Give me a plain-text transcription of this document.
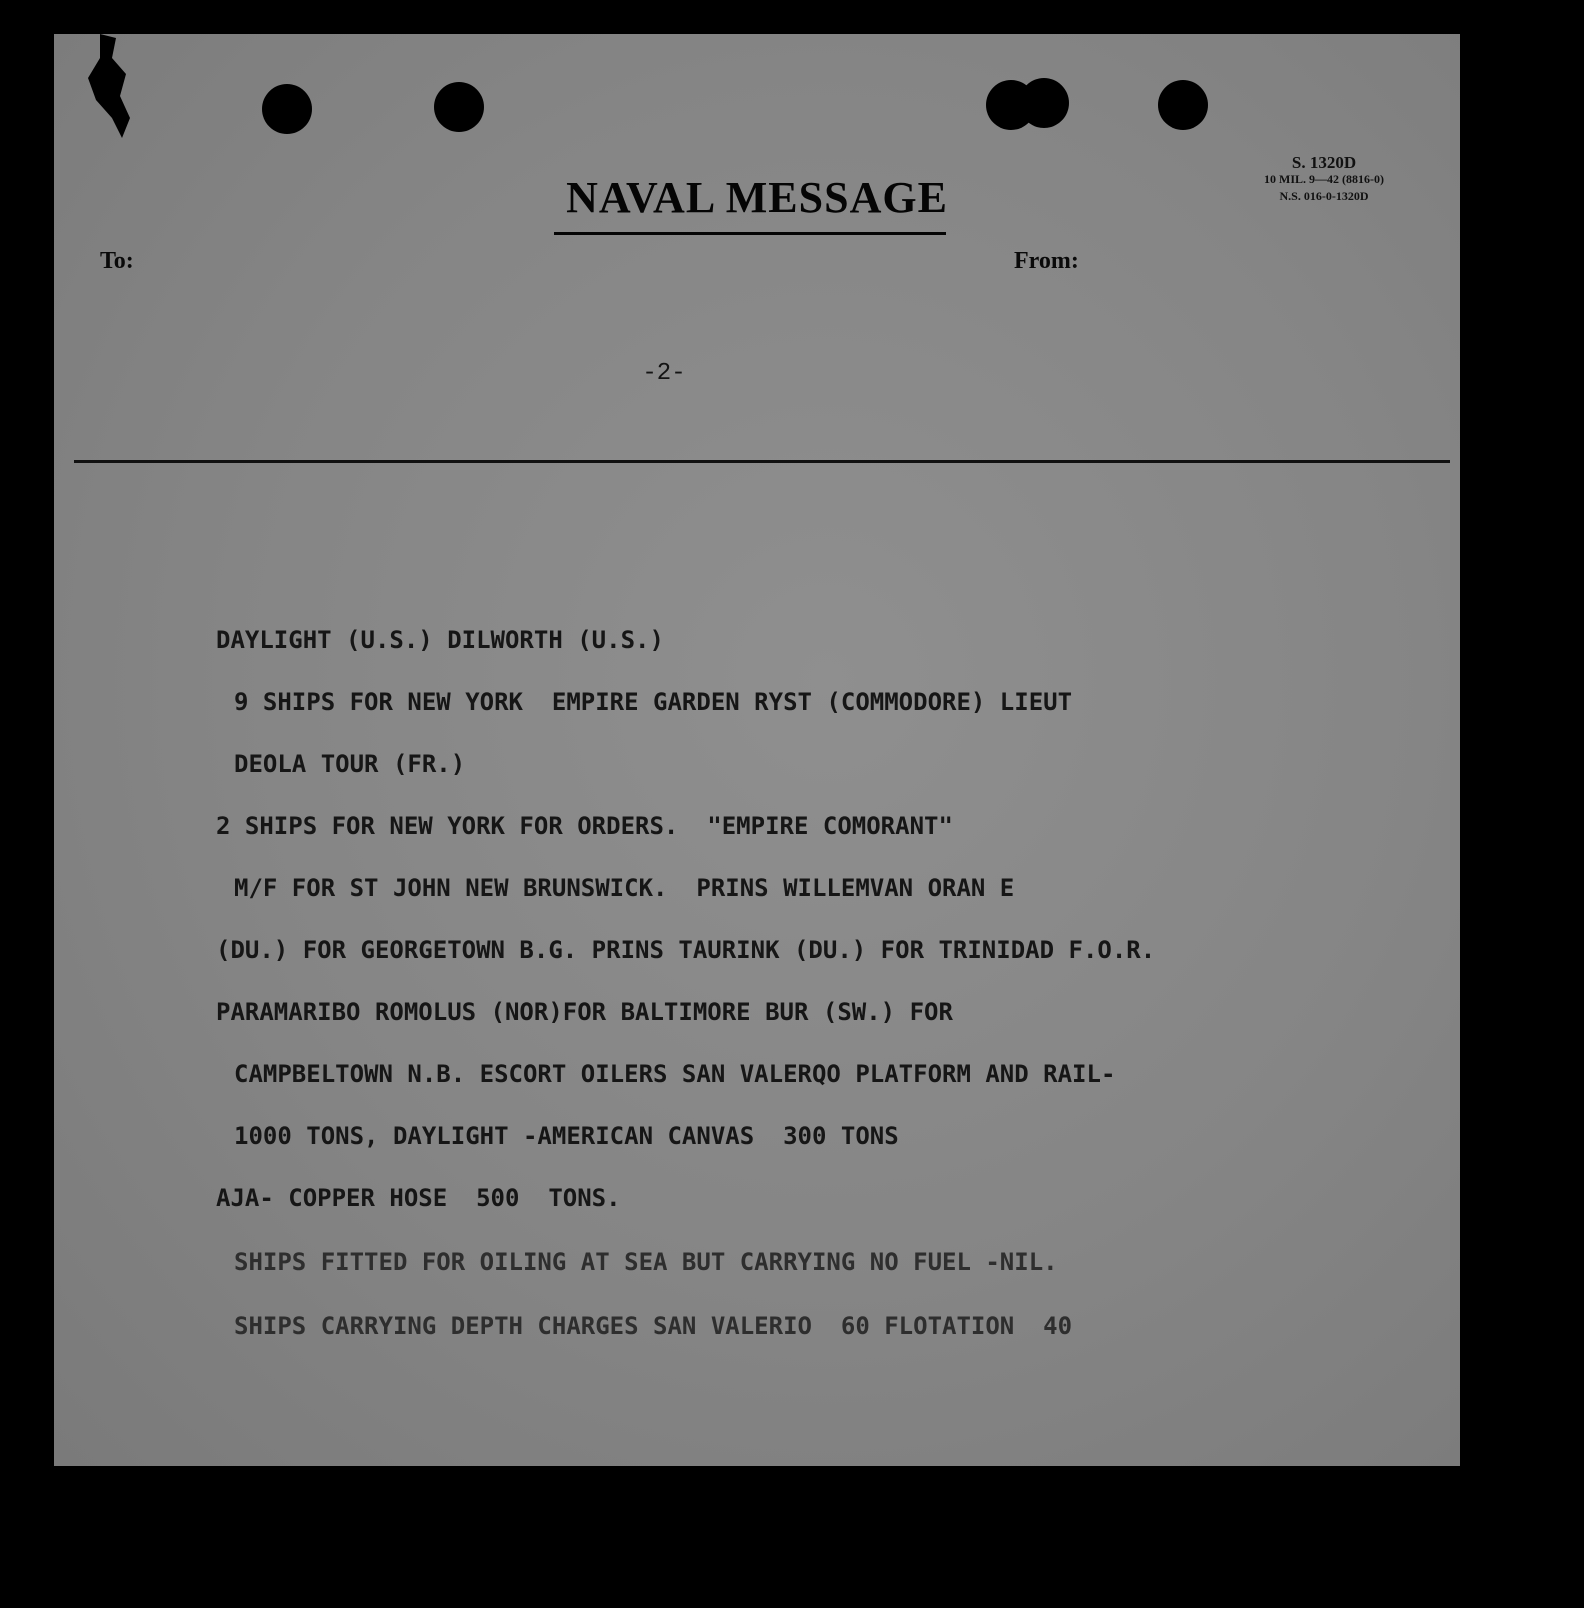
NAVAL MESSAGE
S. 1320D
10 MIL. 9—42 (8816-0)
N.S. 016-0-1320D
To:	From:
-2-

DAYLIGHT (U.S.) DILWORTH (U.S.)

9 SHIPS FOR NEW YORK  EMPIRE GARDEN RYST (COMMODORE) LIEUT

DEOLA TOUR (FR.)

2 SHIPS FOR NEW YORK FOR ORDERS.  "EMPIRE COMORANT"

M/F FOR ST JOHN NEW BRUNSWICK.  PRINS WILLEMVAN ORAN E

(DU.) FOR GEORGETOWN B.G. PRINS TAURINK (DU.) FOR TRINIDAD F.O.R.

PARAMARIBO ROMOLUS (NOR)FOR BALTIMORE BUR (SW.) FOR

CAMPBELTOWN N.B. ESCORT OILERS SAN VALERQO PLATFORM AND RAIL-

1000 TONS, DAYLIGHT -AMERICAN CANVAS  300 TONS

AJA- COPPER HOSE  500  TONS.

SHIPS FITTED FOR OILING AT SEA BUT CARRYING NO FUEL -NIL.

SHIPS CARRYING DEPTH CHARGES SAN VALERIO  60 FLOTATION  40
